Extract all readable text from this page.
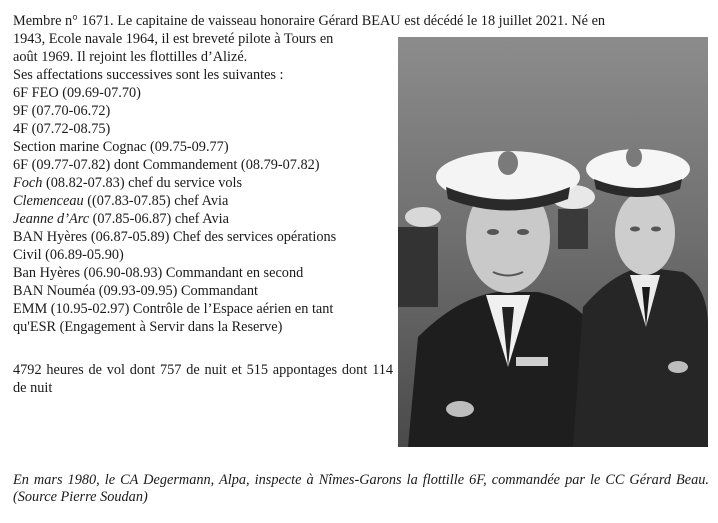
Membre n° 1671. Le capitaine de vaisseau honoraire Gérard BEAU est décédé le 18 juillet 2021. Né en
1943, Ecole navale 1964, il est breveté pilote à Tours en
août 1969. Il rejoint les flottilles d’Alizé.
Ses affectations successives sont les suivantes :
6F FEO (09.69-07.70)
9F (07.70-06.72)
4F (07.72-08.75)
Section marine Cognac (09.75-09.77)
6F (09.77-07.82) dont Commandement (08.79-07.82)
Foch (08.82-07.83) chef du service vols
Clemenceau ((07.83-07.85) chef Avia
Jeanne d’Arc (07.85-06.87) chef Avia
BAN Hyères (06.87-05.89) Chef des services opérations
Civil (06.89-05.90)
Ban Hyères (06.90-08.93) Commandant en second
BAN Nouméa (09.93-09.95) Commandant
EMM (10.95-02.97) Contrôle de l’Espace aérien en tant
qu'ESR (Engagement à Servir dans la Reserve)
4792 heures de vol dont 757 de nuit et 515 appontages dont 114 de nuit
En mars 1980, le CA Degermann, Alpa, inspecte à Nîmes-Garons la flottille 6F, commandée par le CC Gérard Beau. (Source Pierre Soudan)
